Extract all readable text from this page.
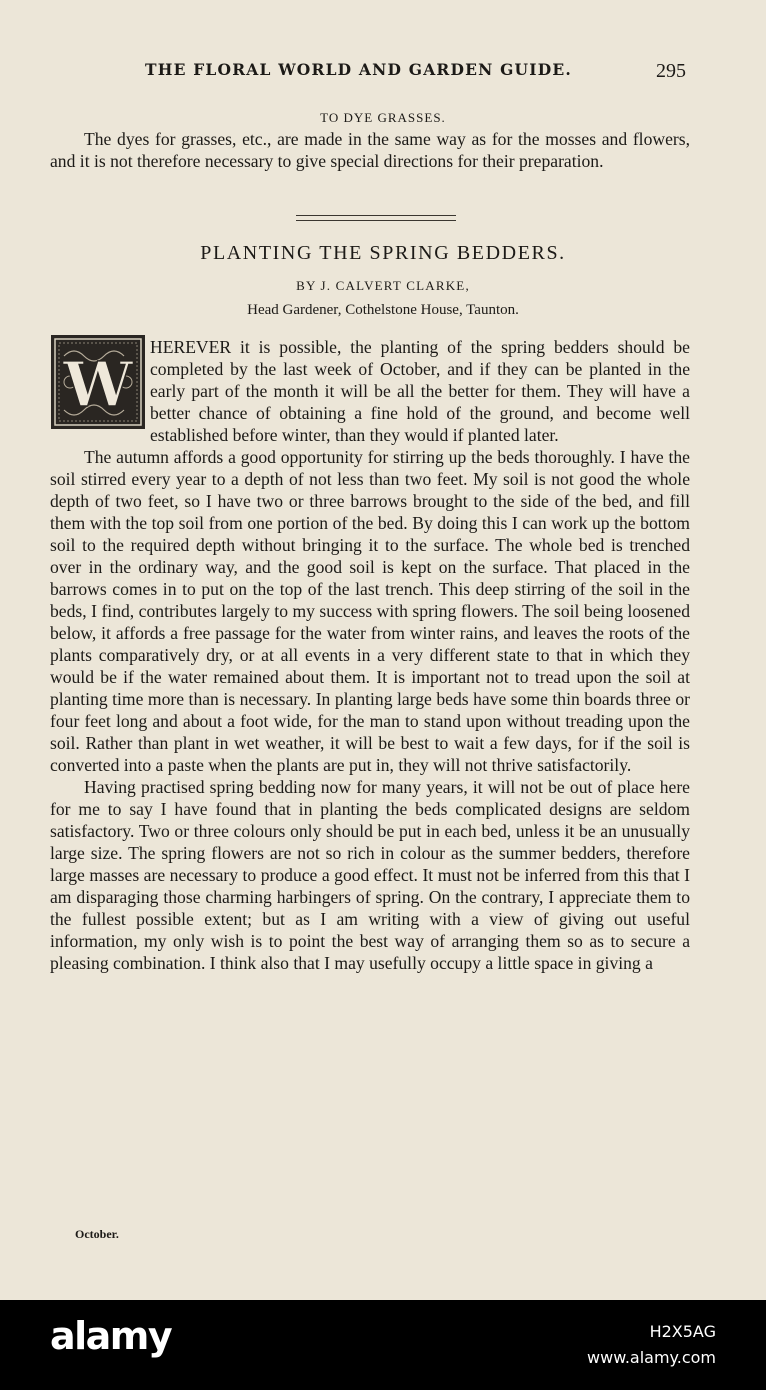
THE FLORAL WORLD AND GARDEN GUIDE.	295
TO DYE GRASSES.

The dyes for grasses, etc., are made in the same way as for the mosses and flowers, and it is not therefore necessary to give special directions for their preparation.

PLANTING THE SPRING BEDDERS.
BY J. CALVERT CLARKE,
Head Gardener, Cothelstone House, Taunton.
W

HEREVER it is possible, the planting of the spring bedders should be completed by the last week of October, and if they can be planted in the early part of the month it will be all the better for them. They will have a better chance of obtaining a fine hold of the ground, and become well established before winter, than they would if planted later.

The autumn affords a good opportunity for stirring up the beds thoroughly. I have the soil stirred every year to a depth of not less than two feet. My soil is not good the whole depth of two feet, so I have two or three barrows brought to the side of the bed, and fill them with the top soil from one portion of the bed. By doing this I can work up the bottom soil to the required depth without bringing it to the surface. The whole bed is trenched over in the ordinary way, and the good soil is kept on the surface. That placed in the barrows comes in to put on the top of the last trench. This deep stirring of the soil in the beds, I find, contributes largely to my success with spring flowers. The soil being loosened below, it affords a free passage for the water from winter rains, and leaves the roots of the plants comparatively dry, or at all events in a very different state to that in which they would be if the water remained about them. It is important not to tread upon the soil at planting time more than is necessary. In planting large beds have some thin boards three or four feet long and about a foot wide, for the man to stand upon without treading upon the soil. Rather than plant in wet weather, it will be best to wait a few days, for if the soil is converted into a paste when the plants are put in, they will not thrive satisfactorily.

Having practised spring bedding now for many years, it will not be out of place here for me to say I have found that in planting the beds complicated designs are seldom satisfactory. Two or three colours only should be put in each bed, unless it be an unusually large size. The spring flowers are not so rich in colour as the summer bedders, therefore large masses are necessary to produce a good effect. It must not be inferred from this that I am disparaging those charming harbingers of spring. On the contrary, I appreciate them to the fullest possible extent; but as I am writing with a view of giving out useful information, my only wish is to point the best way of arranging them so as to secure a pleasing combination. I think also that I may usefully occupy a little space in giving a

October.
alamy	H2X5AG
www.alamy.com
